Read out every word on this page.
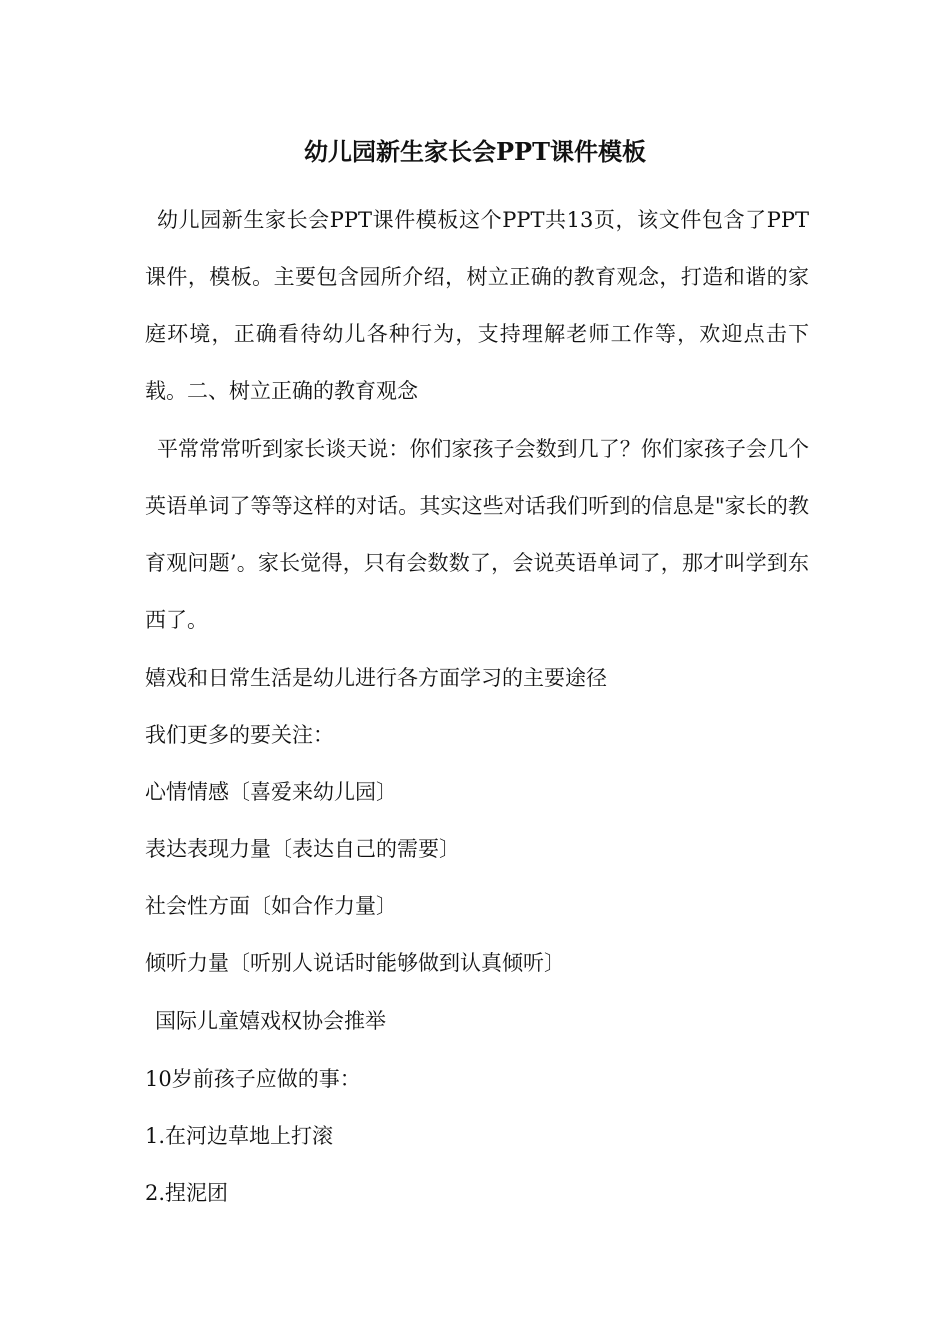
幼儿园新生家长会PPT课件模板
幼儿园新生家长会PPT课件模板这个PPT共13页，该文件包含了PPT课件，模板。主要包含园所介绍，树立正确的教育观念，打造和谐的家庭环境，正确看待幼儿各种行为，支持理解老师工作等，欢迎点击下载。二、树立正确的教育观念
平常常常听到家长谈天说：你们家孩子会数到几了？你们家孩子会几个英语单词了等等这样的对话。其实这些对话我们听到的信息是"家长的教育观问题’。家长觉得，只有会数数了，会说英语单词了，那才叫学到东西了。
嬉戏和日常生活是幼儿进行各方面学习的主要途径
我们更多的要关注：
心情情感〔喜爱来幼儿园〕
表达表现力量〔表达自己的需要〕
社会性方面〔如合作力量〕
倾听力量〔听别人说话时能够做到认真倾听〕
国际儿童嬉戏权协会推举
10岁前孩子应做的事：
1.在河边草地上打滚
2.捏泥团
